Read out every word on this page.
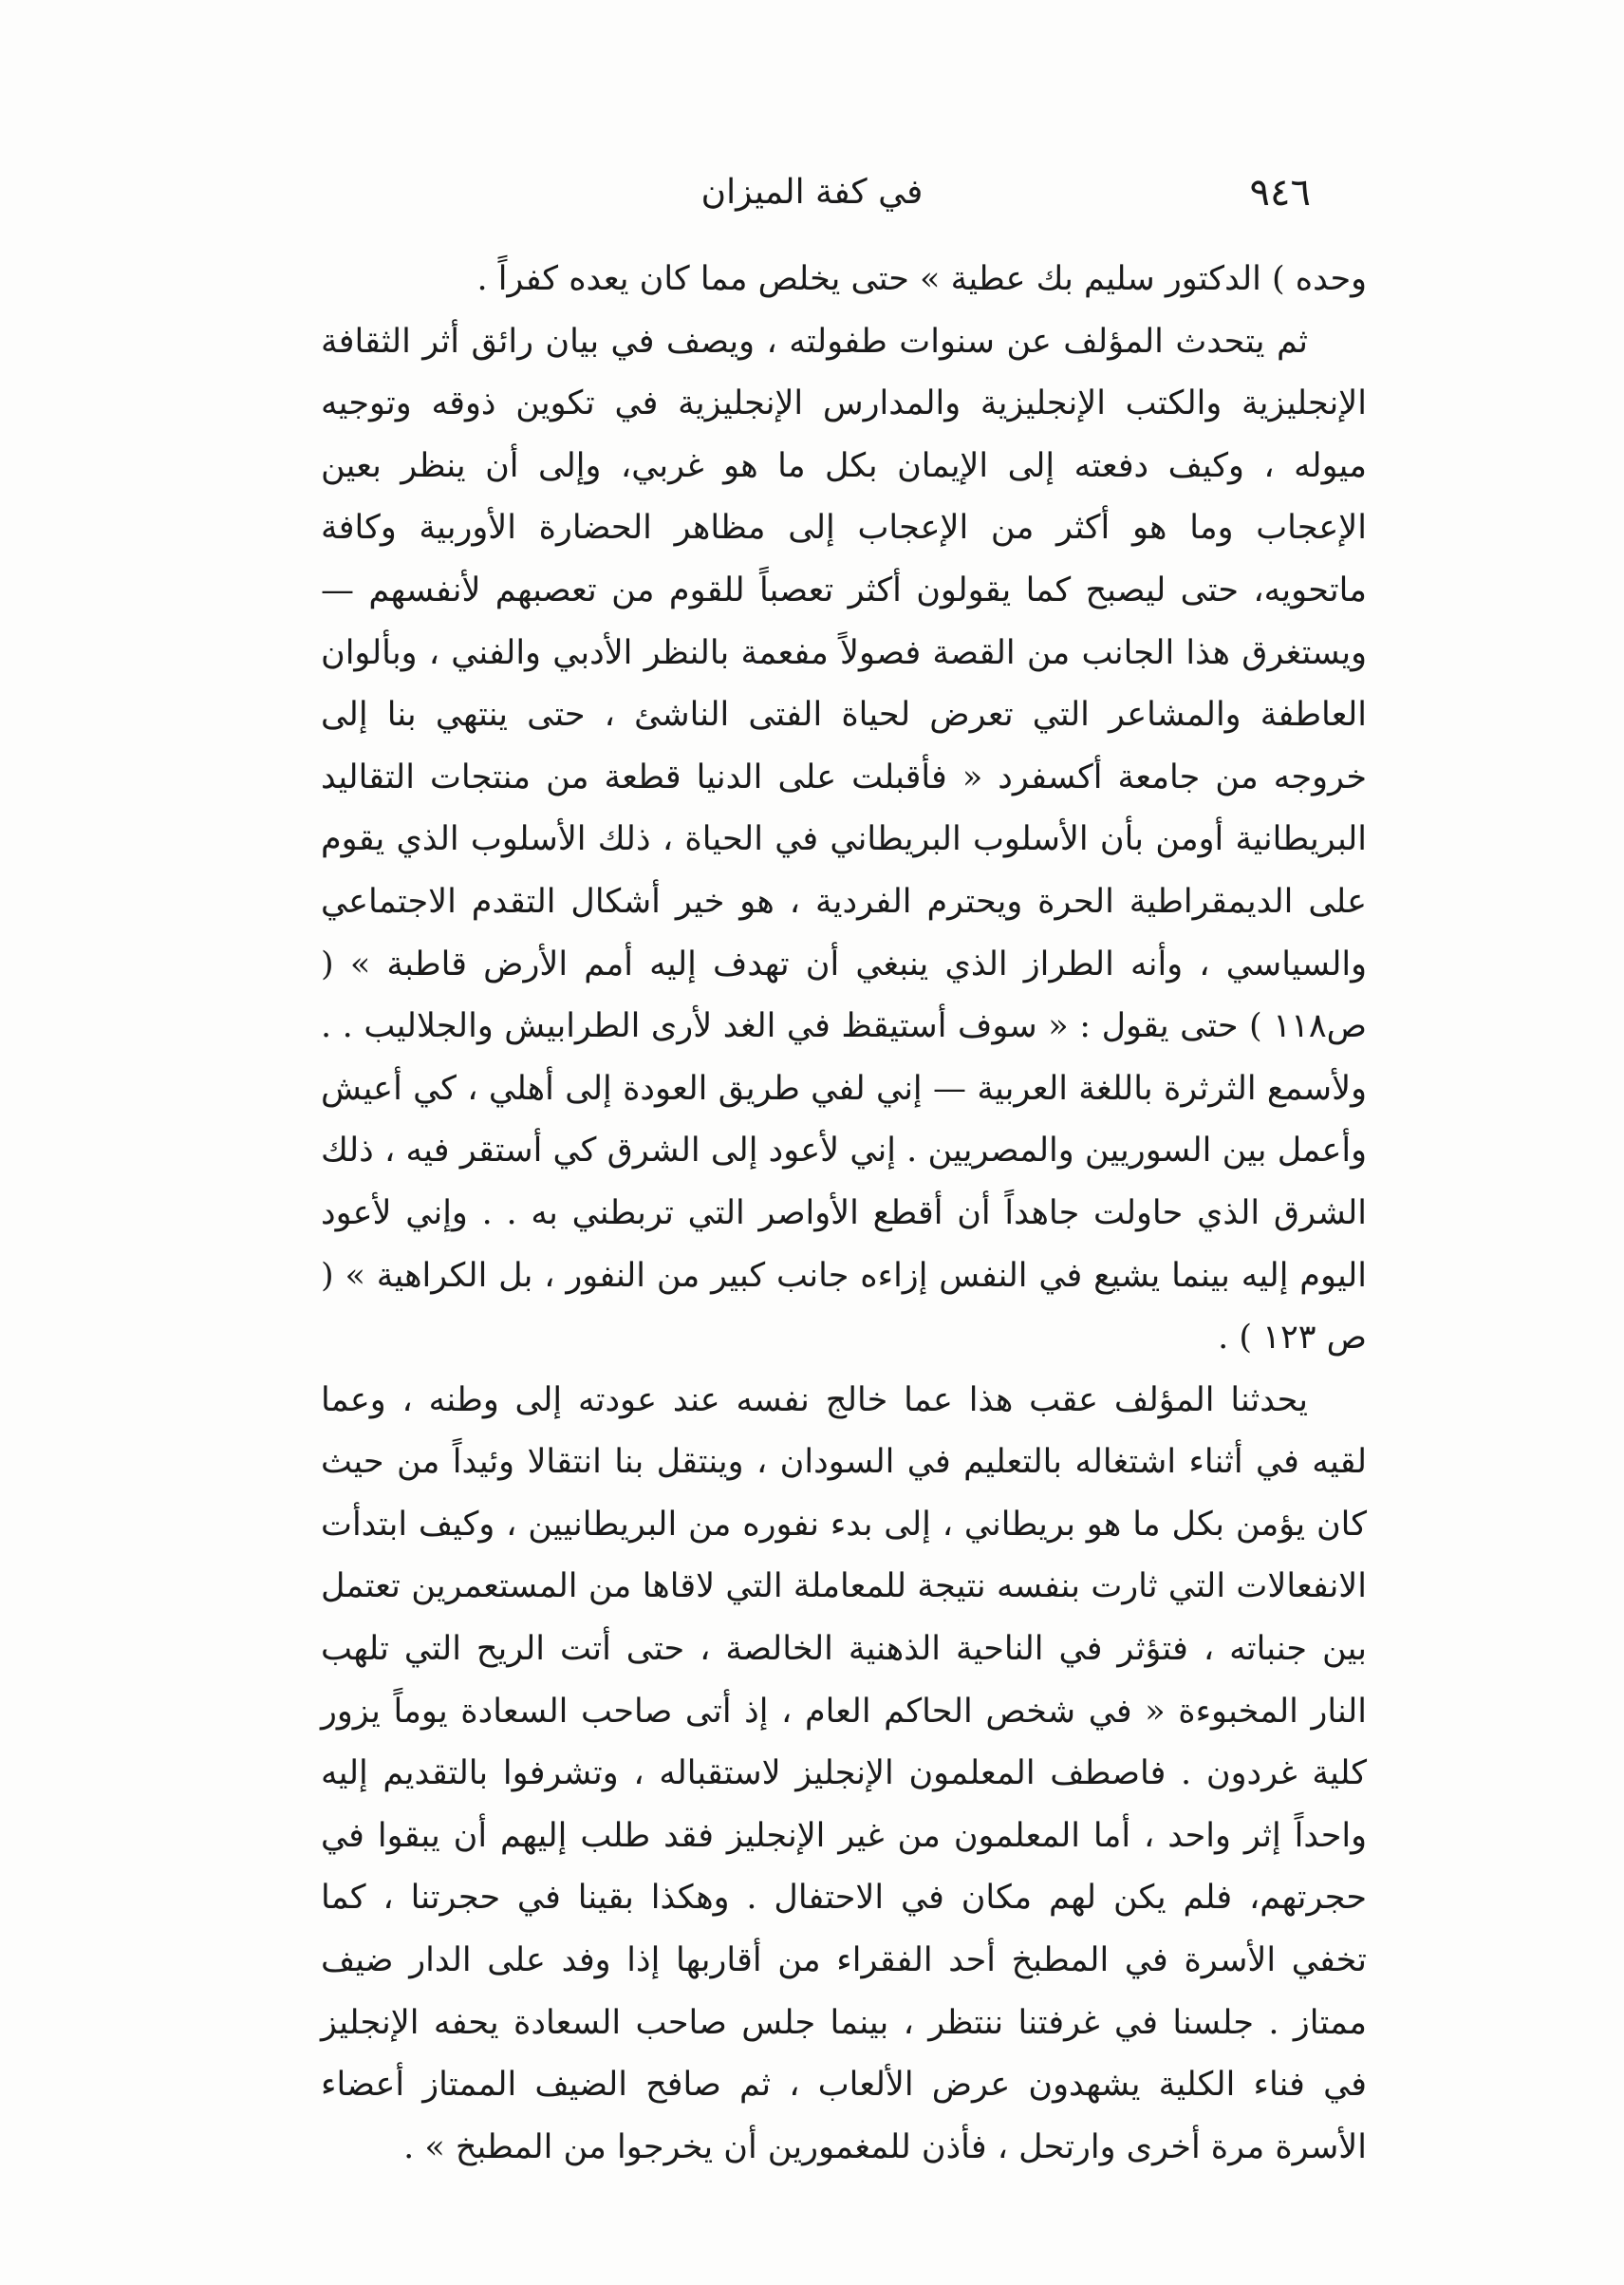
٩٤٦
في كفة الميزان

وحده ) الدكتور سليم بك عطية » حتى يخلص مما كان يعده كفراً .

ثم يتحدث المؤلف عن سنوات طفولته ، ويصف في بيان رائق أثر الثقافة الإنجليزية والكتب الإنجليزية والمدارس الإنجليزية في تكوين ذوقه وتوجيه ميوله ، وكيف دفعته إلى الإيمان بكل ما هو غربي، وإلى أن ينظر بعين الإعجاب وما هو أكثر من الإعجاب إلى مظاهر الحضارة الأوربية وكافة ماتحويه، حتى ليصبح كما يقولون أكثر تعصباً للقوم من تعصبهم لأنفسهم — ويستغرق هذا الجانب من القصة فصولاً مفعمة بالنظر الأدبي والفني ، وبألوان العاطفة والمشاعر التي تعرض لحياة الفتى الناشئ ، حتى ينتهي بنا إلى خروجه من جامعة أكسفرد « فأقبلت على الدنيا قطعة من منتجات التقاليد البريطانية أومن بأن الأسلوب البريطاني في الحياة ، ذلك الأسلوب الذي يقوم على الديمقراطية الحرة ويحترم الفردية ، هو خير أشكال التقدم الاجتماعي والسياسي ، وأنه الطراز الذي ينبغي أن تهدف إليه أمم الأرض قاطبة » ( ص١١٨ ) حتى يقول : « سوف أستيقظ في الغد لأرى الطرابيش والجلاليب . . ولأسمع الثرثرة باللغة العربية — إني لفي طريق العودة إلى أهلي ، كي أعيش وأعمل بين السوريين والمصريين . إني لأعود إلى الشرق كي أستقر فيه ، ذلك الشرق الذي حاولت جاهداً أن أقطع الأواصر التي تربطني به . . وإني لأعود اليوم إليه بينما يشيع في النفس إزاءه جانب كبير من النفور ، بل الكراهية » ( ص ١٢٣ ) .

يحدثنا المؤلف عقب هذا عما خالج نفسه عند عودته إلى وطنه ، وعما لقيه في أثناء اشتغاله بالتعليم في السودان ، وينتقل بنا انتقالا وئيداً من حيث كان يؤمن بكل ما هو بريطاني ، إلى بدء نفوره من البريطانيين ، وكيف ابتدأت الانفعالات التي ثارت بنفسه نتيجة للمعاملة التي لاقاها من المستعمرين تعتمل بين جنباته ، فتؤثر في الناحية الذهنية الخالصة ، حتى أتت الريح التي تلهب النار المخبوءة « في شخص الحاكم العام ، إذ أتى صاحب السعادة يوماً يزور كلية غردون . فاصطف المعلمون الإنجليز لاستقباله ، وتشرفوا بالتقديم إليه واحداً إثر واحد ، أما المعلمون من غير الإنجليز فقد طلب إليهم أن يبقوا في حجرتهم، فلم يكن لهم مكان في الاحتفال . وهكذا بقينا في حجرتنا ، كما تخفي الأسرة في المطبخ أحد الفقراء من أقاربها إذا وفد على الدار ضيف ممتاز . جلسنا في غرفتنا ننتظر ، بينما جلس صاحب السعادة يحفه الإنجليز في فناء الكلية يشهدون عرض الألعاب ، ثم صافح الضيف الممتاز أعضاء الأسرة مرة أخرى وارتحل ، فأذن للمغمورين أن يخرجوا من المطبخ » .
